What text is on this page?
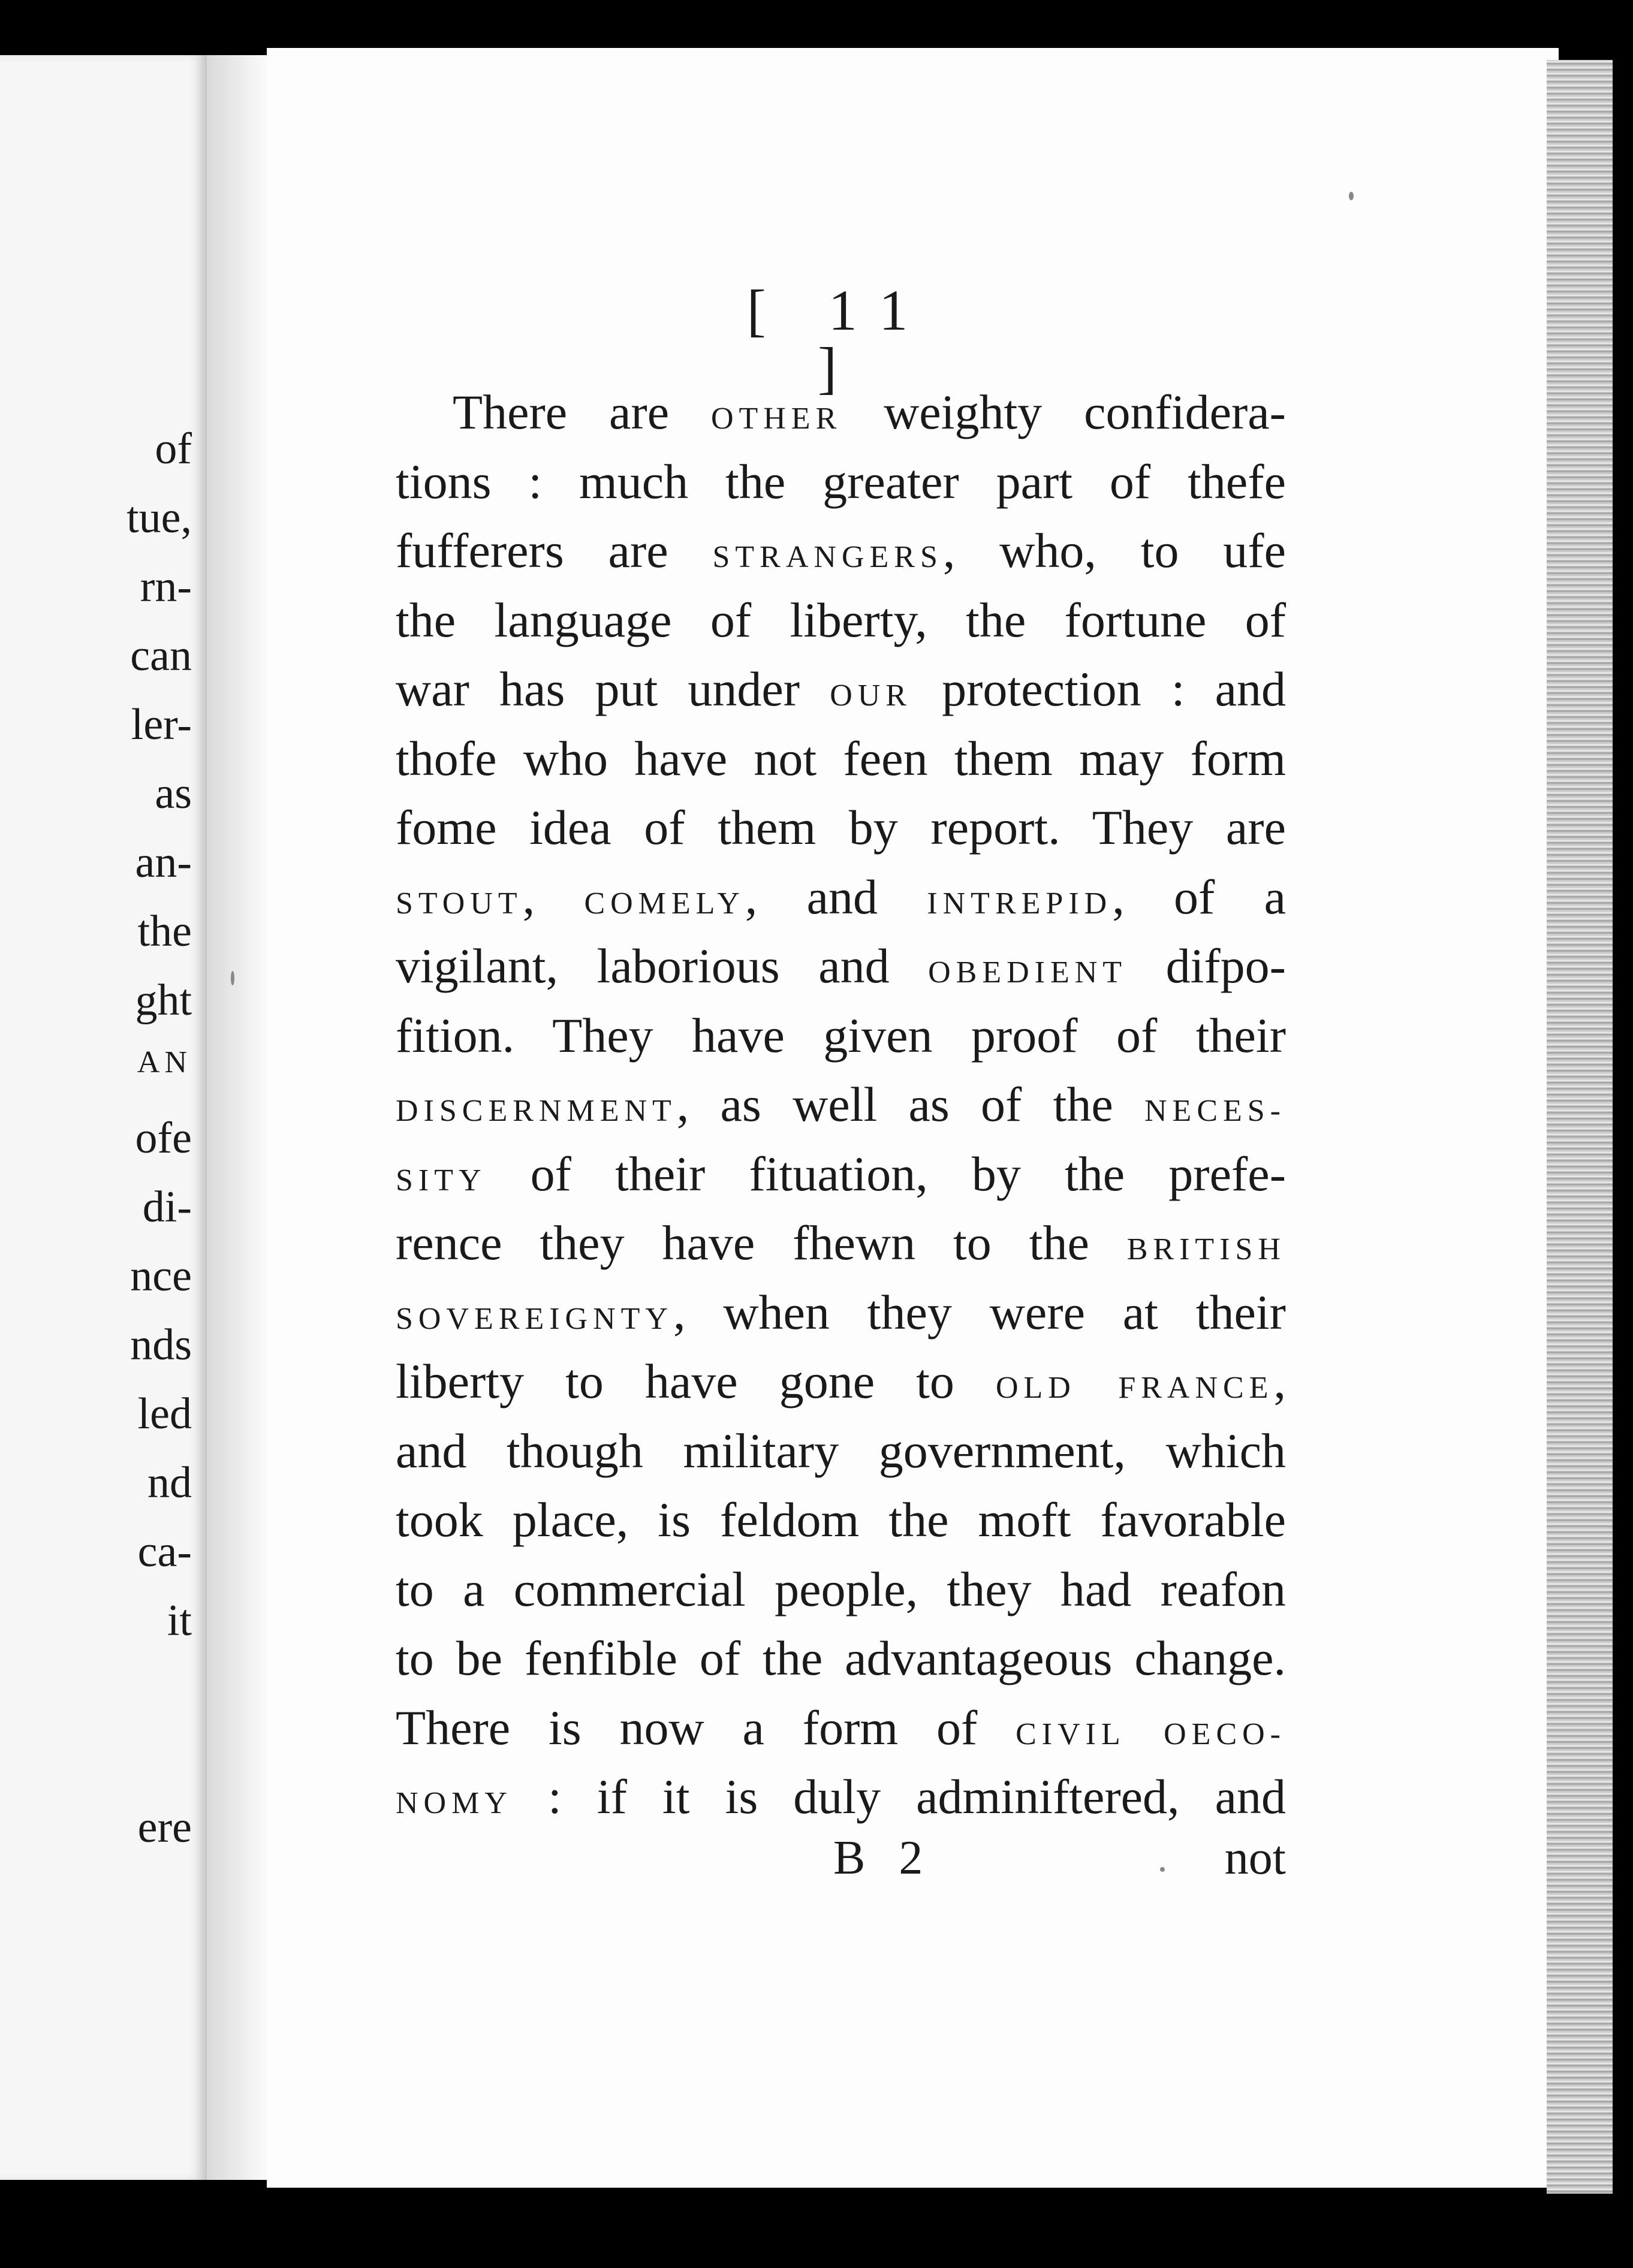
of
tue,
rn-
can
ler-
as
an-
the
ght
AN
ofe
di-
nce
nds
led
nd
ca-
it
ere
[ 11 ]
There are OTHER weighty confidera-
tions : much the greater part of thefe
fufferers are STRANGERS, who, to ufe
the language of liberty, the fortune of
war has put under OUR protection : and
thofe who have not feen them may form
fome idea of them by report. They are
STOUT, COMELY, and INTREPID, of a
vigilant, laborious and OBEDIENT difpo-
fition. They have given proof of their
DISCERNMENT, as well as of the NECES-
SITY of their fituation, by the prefe-
rence they have fhewn to the BRITISH
SOVEREIGNTY, when they were at their
liberty to have gone to OLD FRANCE,
and though military government, which
took place, is feldom the moft favorable
to a commercial people, they had reafon
to be fenfible of the advantageous change.
There is now a form of CIVIL OECO-
NOMY : if it is duly adminiftered, and
B 2	not
